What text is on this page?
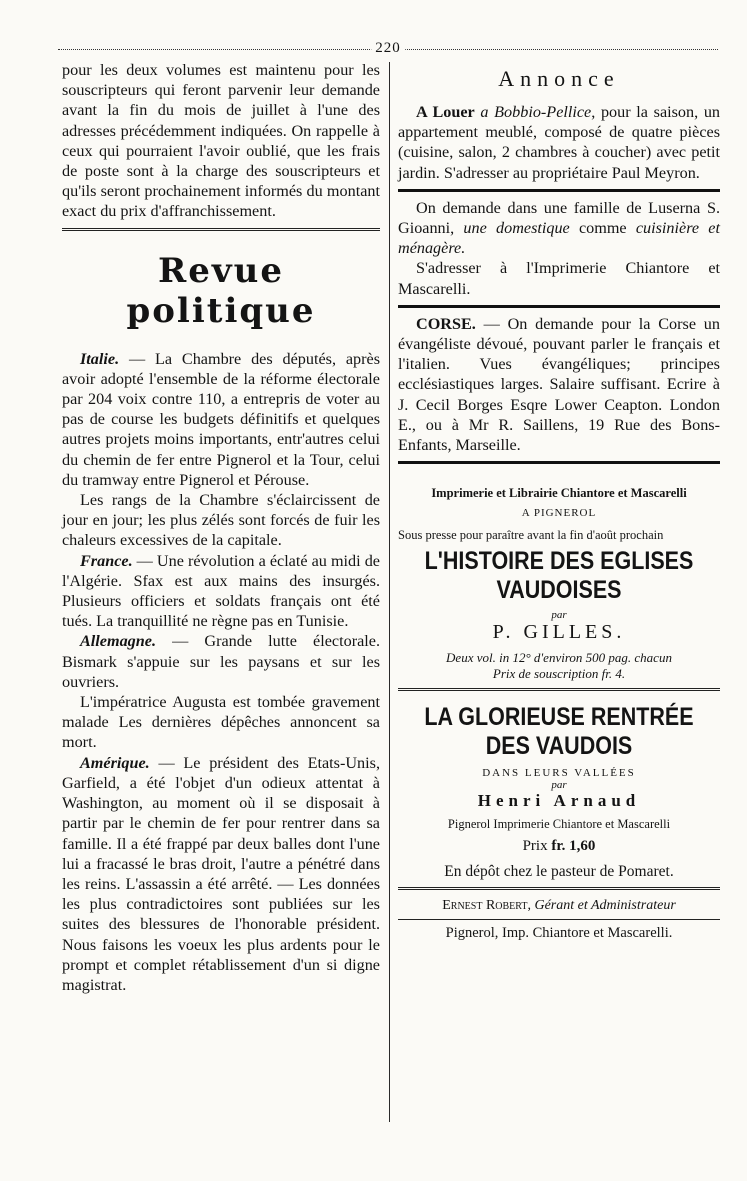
220

pour les deux volumes est maintenu pour les souscripteurs qui feront parvenir leur demande avant la fin du mois de juillet à l'une des adresses précédemment indiquées. On rappelle à ceux qui pourraient l'avoir oublié, que les frais de poste sont à la charge des souscripteurs et qu'ils seront prochainement informés du montant exact du prix d'affranchissement.

Revue politique

Italie. — La Chambre des députés, après avoir adopté l'ensemble de la réforme électorale par 204 voix contre 110, a entrepris de voter au pas de course les budgets définitifs et quelques autres projets moins importants, entr'autres celui du chemin de fer entre Pignerol et la Tour, celui du tramway entre Pignerol et Pérouse.

Les rangs de la Chambre s'éclaircissent de jour en jour; les plus zélés sont forcés de fuir les chaleurs excessives de la capitale.

France. — Une révolution a éclaté au midi de l'Algérie. Sfax est aux mains des insurgés. Plusieurs officiers et soldats français ont été tués. La tranquillité ne règne pas en Tunisie.

Allemagne. — Grande lutte électorale. Bismark s'appuie sur les paysans et sur les ouvriers.

L'impératrice Augusta est tombée gravement malade Les dernières dépêches annoncent sa mort.

Amérique. — Le président des Etats-Unis, Garfield, a été l'objet d'un odieux attentat à Washington, au moment où il se disposait à partir par le chemin de fer pour rentrer dans sa famille. Il a été frappé par deux balles dont l'une lui a fracassé le bras droit, l'autre a pénétré dans les reins. L'assassin a été arrêté. — Les données les plus contradictoires sont publiées sur les suites des blessures de l'honorable président. Nous faisons les voeux les plus ardents pour le prompt et complet rétablissement d'un si digne magistrat.

Annonce

A Louer a Bobbio-Pellice, pour la saison, un appartement meublé, composé de quatre pièces (cuisine, salon, 2 chambres à coucher) avec petit jardin. S'adresser au propriétaire Paul Meyron.

On demande dans une famille de Luserna S. Gioanni, une domestique comme cuisinière et ménagère.

S'adresser à l'Imprimerie Chiantore et Mascarelli.

CORSE. — On demande pour la Corse un évangéliste dévoué, pouvant parler le français et l'italien. Vues évangéliques; principes ecclésiastiques larges. Salaire suffisant. Ecrire à J. Cecil Borges Esqre Lower Ceapton. London E., ou à Mr R. Saillens, 19 Rue des Bons-Enfants, Marseille.

Imprimerie et Librairie Chiantore et Mascarelli
A PIGNEROL

Sous presse pour paraître avant la fin d'août prochain

L'HISTOIRE DES EGLISES VAUDOISES
par
P. GILLES.
Deux vol. in 12° d'environ 500 pag. chacun
Prix de souscription fr. 4.
LA GLORIEUSE RENTRÉE DES VAUDOIS
DANS LEURS VALLÉES
par
Henri Arnaud
Pignerol Imprimerie Chiantore et Mascarelli
Prix fr. 1,60
En dépôt chez le pasteur de Pomaret.
Ernest Robert, Gérant et Administrateur
Pignerol, Imp. Chiantore et Mascarelli.
